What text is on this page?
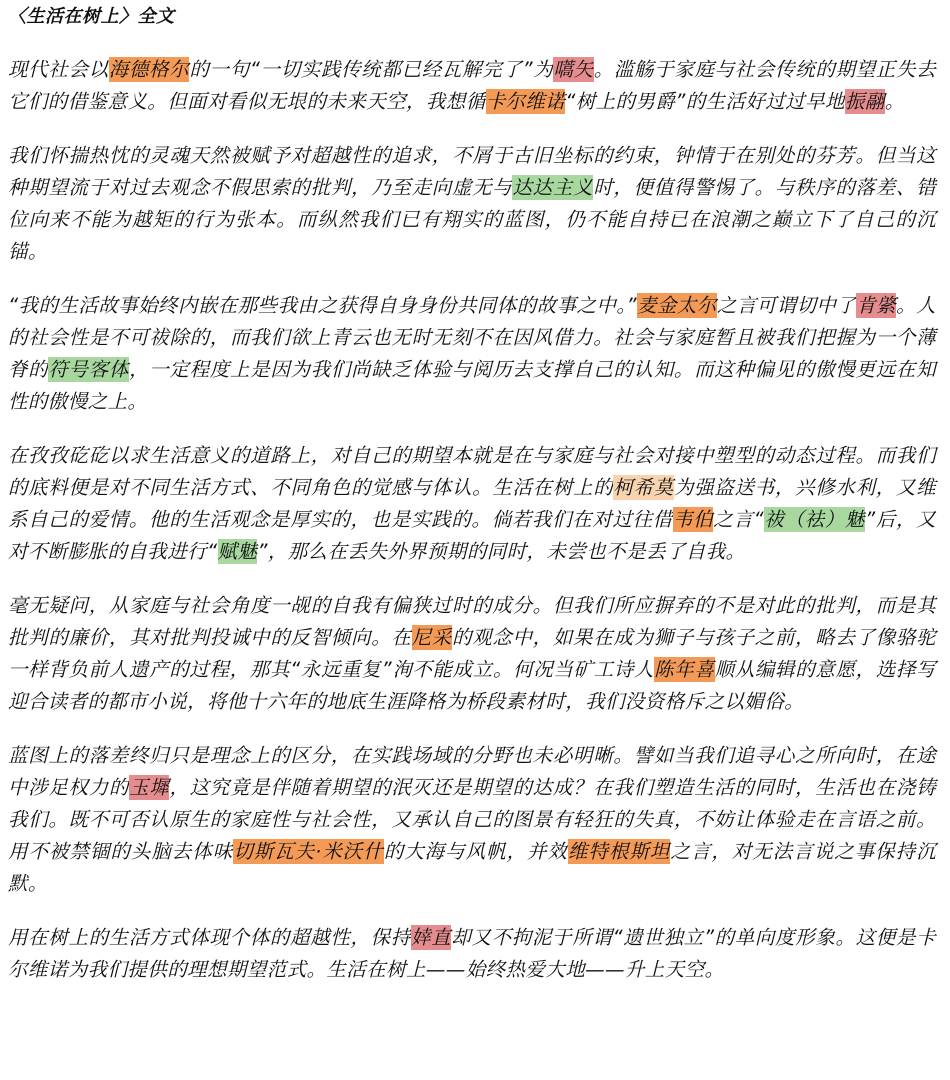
〈生活在树上〉全文

现代社会以海德格尔的一句“一切实践传统都已经瓦解完了”为嚆矢。滥觞于家庭与社会传统的期望正失去它们的借鉴意义。但面对看似无垠的未来天空，我想循卡尔维诺“树上的男爵”的生活好过过早地振翮。

我们怀揣热忱的灵魂天然被赋予对超越性的追求，不屑于古旧坐标的约束，钟情于在别处的芬芳。但当这种期望流于对过去观念不假思索的批判，乃至走向虚无与达达主义时，便值得警惕了。与秩序的落差、错位向来不能为越矩的行为张本。而纵然我们已有翔实的蓝图，仍不能自持已在浪潮之巅立下了自己的沉锚。

“我的生活故事始终内嵌在那些我由之获得自身身份共同体的故事之中。”麦金太尔之言可谓切中了肯綮。人的社会性是不可祓除的，而我们欲上青云也无时无刻不在因风借力。社会与家庭暂且被我们把握为一个薄脊的符号客体，一定程度上是因为我们尚缺乏体验与阅历去支撑自己的认知。而这种偏见的傲慢更远在知性的傲慢之上。

在孜孜矻矻以求生活意义的道路上，对自己的期望本就是在与家庭与社会对接中塑型的动态过程。而我们的底料便是对不同生活方式、不同角色的觉感与体认。生活在树上的柯希莫为强盗送书，兴修水利，又维系自己的爱情。他的生活观念是厚实的，也是实践的。倘若我们在对过往借韦伯之言“祓（祛）魅”后，又对不断膨胀的自我进行“赋魅”，那么在丢失外界预期的同时，未尝也不是丢了自我。

毫无疑问，从家庭与社会角度一觇的自我有偏狭过时的成分。但我们所应摒弃的不是对此的批判，而是其批判的廉价，其对批判投诚中的反智倾向。在尼采的观念中，如果在成为狮子与孩子之前，略去了像骆驼一样背负前人遗产的过程，那其“永远重复”洵不能成立。何况当矿工诗人陈年喜顺从编辑的意愿，选择写迎合读者的都市小说，将他十六年的地底生涯降格为桥段素材时，我们没资格斥之以媚俗。

蓝图上的落差终归只是理念上的区分，在实践场域的分野也未必明晰。譬如当我们追寻心之所向时，在途中涉足权力的玉墀，这究竟是伴随着期望的泯灭还是期望的达成？在我们塑造生活的同时，生活也在浇铸我们。既不可否认原生的家庭性与社会性，又承认自己的图景有轻狂的失真，不妨让体验走在言语之前。用不被禁锢的头脑去体味切斯瓦夫·米沃什的大海与风帆，并效维特根斯坦之言，对无法言说之事保持沉默。

用在树上的生活方式体现个体的超越性，保持婞直却又不拘泥于所谓“遗世独立”的单向度形象。这便是卡尔维诺为我们提供的理想期望范式。生活在树上——始终热爱大地——升上天空。
